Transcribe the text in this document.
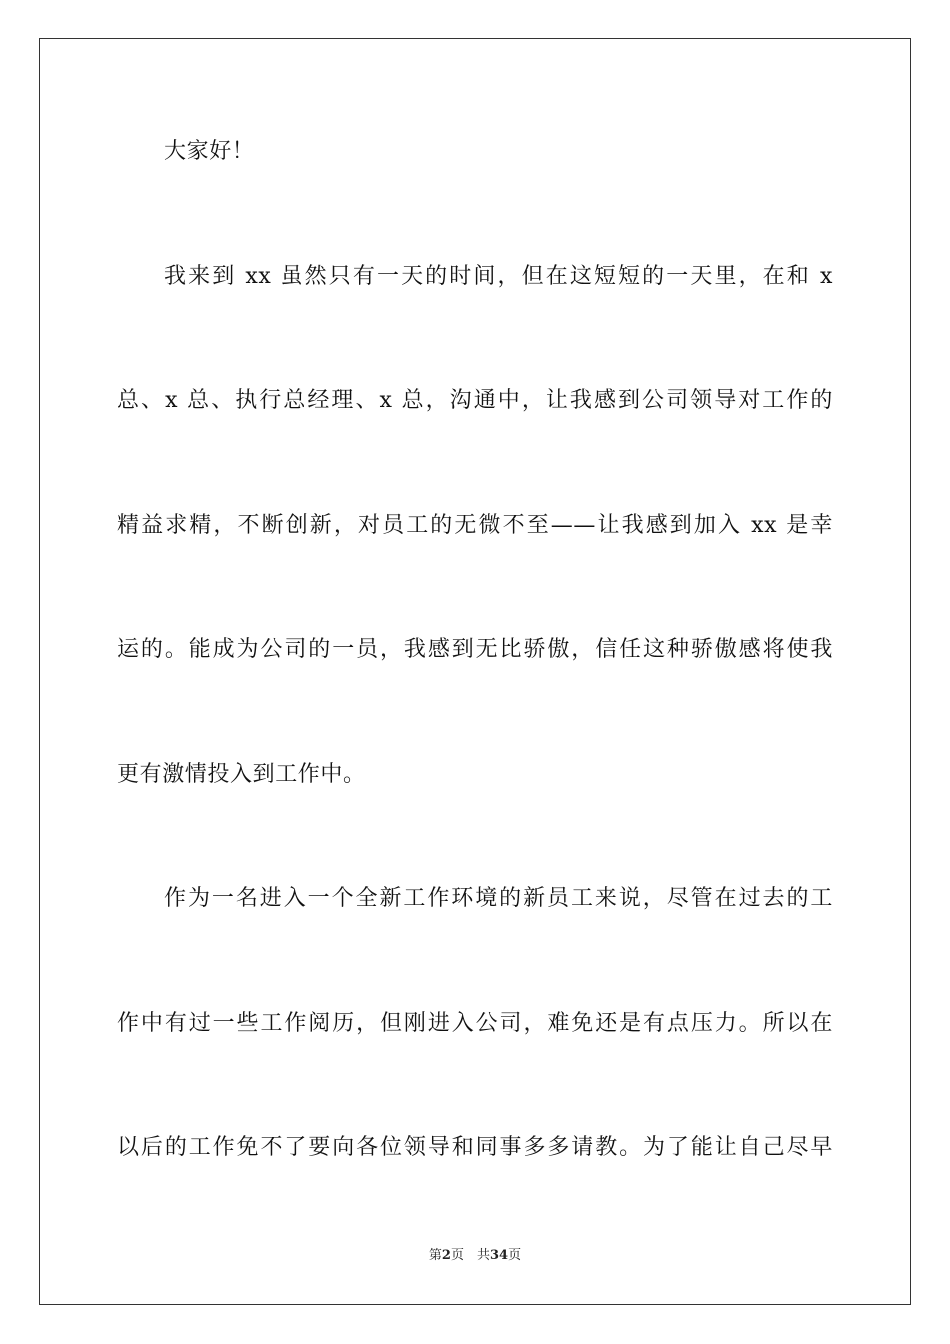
大家好！
我来到 xx 虽然只有一天的时间，但在这短短的一天里，在和 x
总、x 总、执行总经理、x 总，沟通中，让我感到公司领导对工作的
精益求精，不断创新，对员工的无微不至——让我感到加入 xx 是幸
运的。能成为公司的一员，我感到无比骄傲，信任这种骄傲感将使我
更有激情投入到工作中。
作为一名进入一个全新工作环境的新员工来说，尽管在过去的工
作中有过一些工作阅历，但刚进入公司，难免还是有点压力。所以在
以后的工作免不了要向各位领导和同事多多请教。为了能让自己尽早
第2页　共34页
